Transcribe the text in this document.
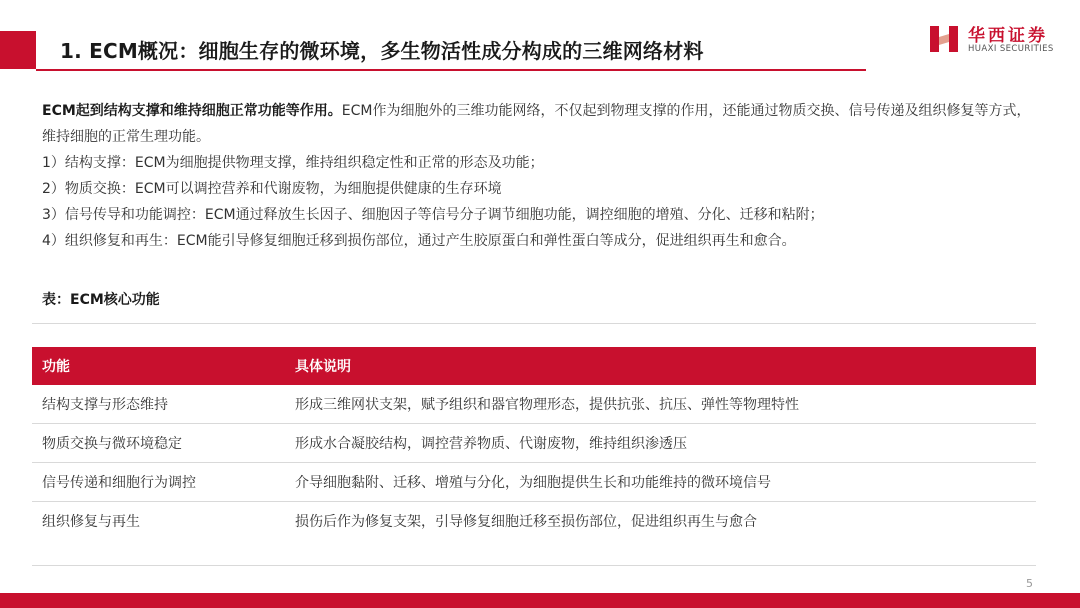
1. ECM概况：细胞生存的微环境，多生物活性成分构成的三维网络材料
华西证券
HUAXI SECURITIES

ECM起到结构支撑和维持细胞正常功能等作用。ECM作为细胞外的三维功能网络，不仅起到物理支撑的作用，还能通过物质交换、信号传递及组织修复等方式，维持细胞的正常生理功能。

1）结构支撑：ECM为细胞提供物理支撑，维持组织稳定性和正常的形态及功能；

2）物质交换：ECM可以调控营养和代谢废物，为细胞提供健康的生存环境

3）信号传导和功能调控：ECM通过释放生长因子、细胞因子等信号分子调节细胞功能，调控细胞的增殖、分化、迁移和粘附；

4）组织修复和再生：ECM能引导修复细胞迁移到损伤部位，通过产生胶原蛋白和弹性蛋白等成分，促进组织再生和愈合。

表：ECM核心功能
功能	具体说明
结构支撑与形态维持	形成三维网状支架，赋予组织和器官物理形态，提供抗张、抗压、弹性等物理特性
物质交换与微环境稳定	形成水合凝胶结构，调控营养物质、代谢废物，维持组织渗透压
信号传递和细胞行为调控	介导细胞黏附、迁移、增殖与分化，为细胞提供生长和功能维持的微环境信号
组织修复与再生	损伤后作为修复支架，引导修复细胞迁移至损伤部位，促进组织再生与愈合
5
